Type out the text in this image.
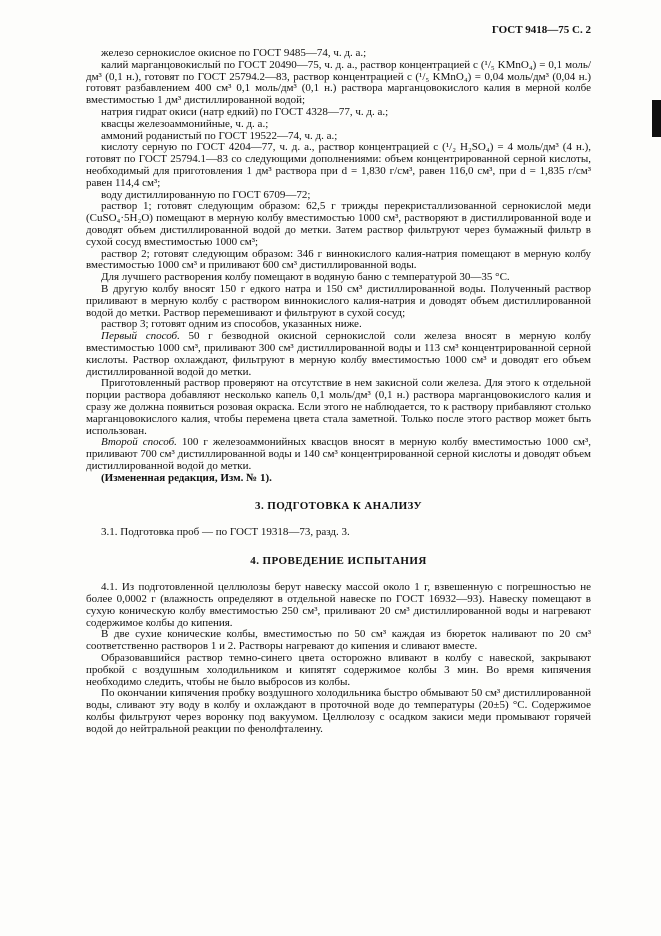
ГОСТ 9418—75 С. 2

железо сернокислое окисное по ГОСТ 9485—74, ч. д. а.;

калий марганцовокислый по ГОСТ 20490—75, ч. д. а., раствор концентрацией c (¹/₅ KMnO₄) = 0,1 моль/дм³ (0,1 н.), готовят по ГОСТ 25794.2—83, раствор концентрацией c (¹/₅ KMnO₄) = 0,04 моль/дм³ (0,04 н.) готовят разбавлением 400 см³ 0,1 моль/дм³ (0,1 н.) раствора марганцовокислого калия в мерной колбе вместимостью 1 дм³ дистиллированной водой;

натрия гидрат окиси (натр едкий) по ГОСТ 4328—77, ч. д. а.;

квасцы железоаммонийные, ч. д. а.;

аммоний роданистый по ГОСТ 19522—74, ч. д. а.;

кислоту серную по ГОСТ 4204—77, ч. д. а., раствор концентрацией c (¹/₂ H₂SO₄) = 4 моль/дм³ (4 н.), готовят по ГОСТ 25794.1—83 со следующими дополнениями: объем концентрированной серной кислоты, необходимый для приготовления 1 дм³ раствора при d = 1,830 г/см³, равен 116,0 см³, при d = 1,835 г/см³ равен 114,4 см³;

воду дистиллированную по ГОСТ 6709—72;

раствор 1; готовят следующим образом: 62,5 г трижды перекристаллизованной сернокислой меди (CuSO₄·5H₂O) помещают в мерную колбу вместимостью 1000 см³, растворяют в дистиллированной воде и доводят объем дистиллированной водой до метки. Затем раствор фильтруют через бумажный фильтр в сухой сосуд вместимостью 1000 см³;

раствор 2; готовят следующим образом: 346 г виннокислого калия-натрия помещают в мерную колбу вместимостью 1000 см³ и приливают 600 см³ дистиллированной воды.

Для лучшего растворения колбу помещают в водяную баню с температурой 30—35 °С.

В другую колбу вносят 150 г едкого натра и 150 см³ дистиллированной воды. Полученный раствор приливают в мерную колбу с раствором виннокислого калия-натрия и доводят объем дистиллированной водой до метки. Раствор перемешивают и фильтруют в сухой сосуд;

раствор 3; готовят одним из способов, указанных ниже.

Первый способ. 50 г безводной окисной сернокислой соли железа вносят в мерную колбу вместимостью 1000 см³, приливают 300 см³ дистиллированной воды и 113 см³ концентрированной серной кислоты. Раствор охлаждают, фильтруют в мерную колбу вместимостью 1000 см³ и доводят его объем дистиллированной водой до метки.

Приготовленный раствор проверяют на отсутствие в нем закисной соли железа. Для этого к отдельной порции раствора добавляют несколько капель 0,1 моль/дм³ (0,1 н.) раствора марганцовокислого калия и сразу же должна появиться розовая окраска. Если этого не наблюдается, то к раствору прибавляют столько марганцовокислого калия, чтобы перемена цвета стала заметной. Только после этого раствор может быть использован.

Второй способ. 100 г железоаммонийных квасцов вносят в мерную колбу вместимостью 1000 см³, приливают 700 см³ дистиллированной воды и 140 см³ концентрированной серной кислоты и доводят объем дистиллированной водой до метки.

(Измененная редакция, Изм. № 1).

3. ПОДГОТОВКА К АНАЛИЗУ

3.1. Подготовка проб — по ГОСТ 19318—73, разд. 3.

4. ПРОВЕДЕНИЕ ИСПЫТАНИЯ

4.1. Из подготовленной целлюлозы берут навеску массой около 1 г, взвешенную с погрешностью не более 0,0002 г (влажность определяют в отдельной навеске по ГОСТ 16932—93). Навеску помещают в сухую коническую колбу вместимостью 250 см³, приливают 20 см³ дистиллированной воды и нагревают содержимое колбы до кипения.

В две сухие конические колбы, вместимостью по 50 см³ каждая из бюреток наливают по 20 см³ соответственно растворов 1 и 2. Растворы нагревают до кипения и сливают вместе.

Образовавшийся раствор темно-синего цвета осторожно вливают в колбу с навеской, закрывают пробкой с воздушным холодильником и кипятят содержимое колбы 3 мин. Во время кипячения необходимо следить, чтобы не было выбросов из колбы.

По окончании кипячения пробку воздушного холодильника быстро обмывают 50 см³ дистиллированной воды, сливают эту воду в колбу и охлаждают в проточной воде до температуры (20±5) °С. Содержимое колбы фильтруют через воронку под вакуумом. Целлюлозу с осадком закиси меди промывают горячей водой до нейтральной реакции по фенолфталеину.
